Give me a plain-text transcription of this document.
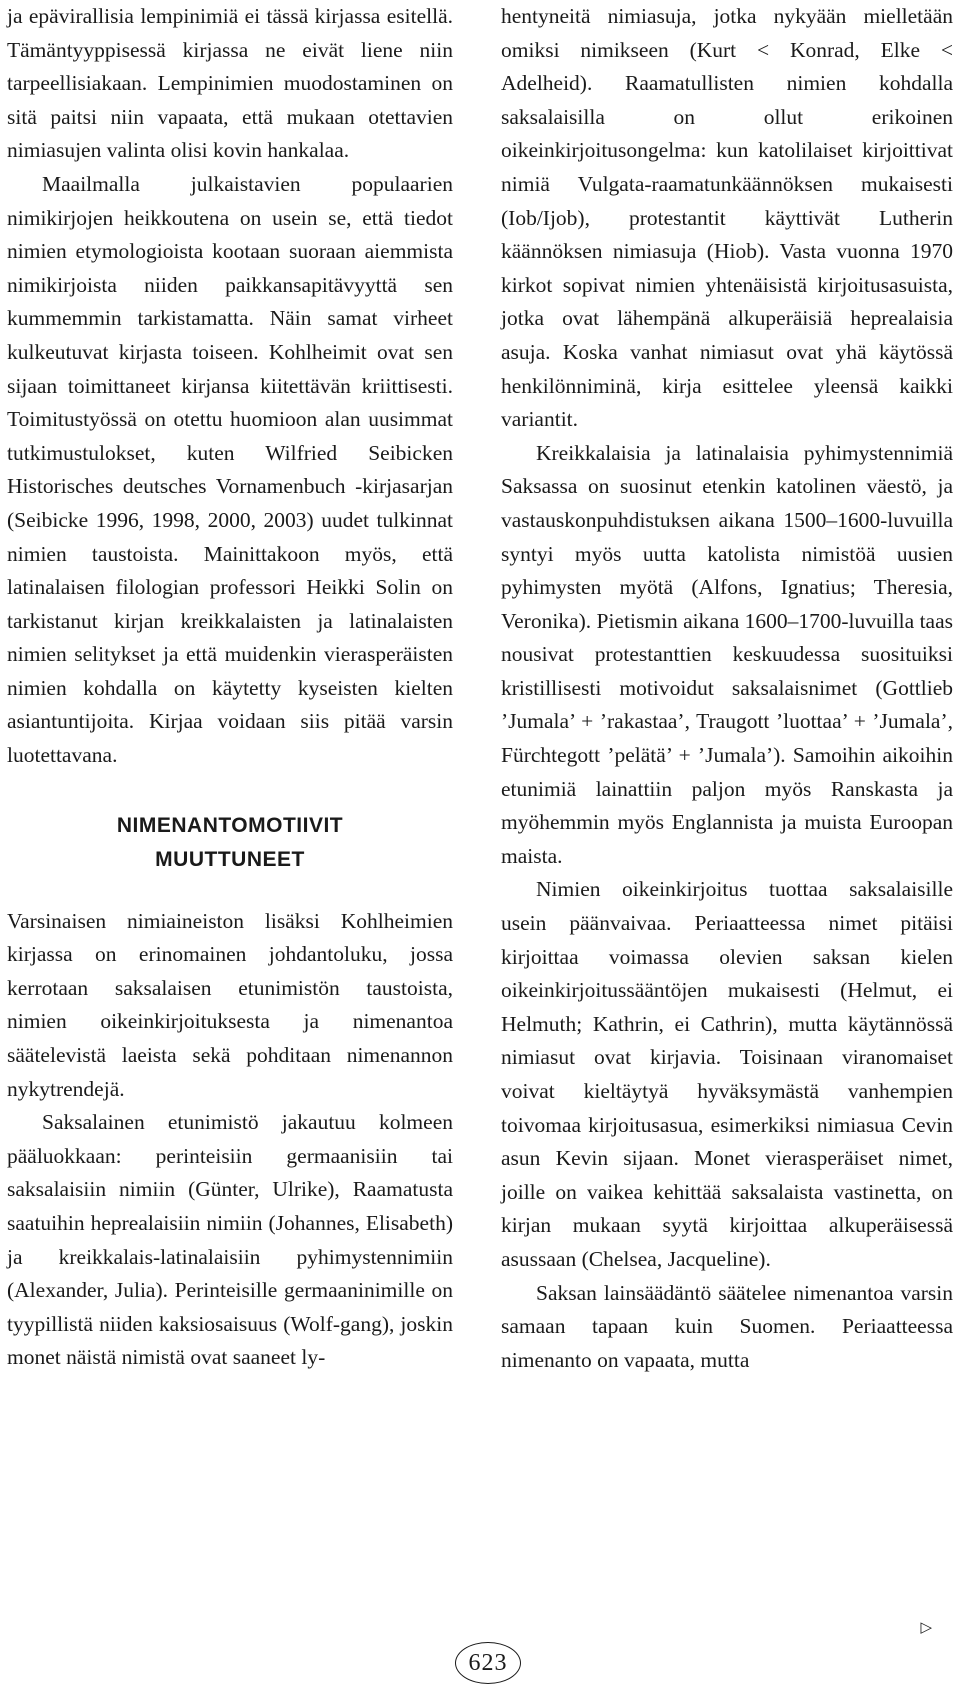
ja epävirallisia lempinimiä ei tässä kirjassa esitellä. Tämäntyyppisessä kirjassa ne eivät liene niin tarpeellisiakaan. Lempinimien muodostaminen on sitä paitsi niin vapaata, että mukaan otettavien nimiasujen valinta olisi kovin hankalaa.

Maailmalla julkaistavien populaarien nimikirjojen heikkoutena on usein se, että tiedot nimien etymologioista kootaan suoraan aiemmista nimikirjoista niiden paikkansapitävyyttä sen kummemmin tarkistamatta. Näin samat virheet kulkeutuvat kirjasta toiseen. Kohlheimit ovat sen sijaan toimittaneet kirjansa kiitettävän kriittisesti. Toimitustyössä on otettu huomioon alan uusimmat tutkimustulokset, kuten Wilfried Seibicken Historisches deutsches Vornamenbuch -kirjasarjan (Seibicke 1996, 1998, 2000, 2003) uudet tulkinnat nimien taustoista. Mainittakoon myös, että latinalaisen filologian professori Heikki Solin on tarkistanut kirjan kreikkalaisten ja latinalaisten nimien selitykset ja että muidenkin vierasperäisten nimien kohdalla on käytetty kyseisten kielten asiantuntijoita. Kirjaa voidaan siis pitää varsin luotettavana.

NIMENANTOMOTIIVIT
MUUTTUNEET

Varsinaisen nimiaineiston lisäksi Kohlheimien kirjassa on erinomainen johdantoluku, jossa kerrotaan saksalaisen etunimistön taustoista, nimien oikeinkirjoituksesta ja nimenantoa säätelevistä laeista sekä pohditaan nimenannon nykytrendejä.

Saksalainen etunimistö jakautuu kolmeen pääluokkaan: perinteisiin germaanisiin tai saksalaisiin nimiin (Günter, Ulrike), Raamatusta saatuihin heprealaisiin nimiin (Johannes, Elisabeth) ja kreikkalais-latinalaisiin pyhimystennimiin (Alexander, Julia). Perinteisille germaaninimille on tyypillistä niiden kaksiosaisuus (Wolf-gang), joskin monet näistä nimistä ovat saaneet ly-

hentyneitä nimiasuja, jotka nykyään mielletään omiksi nimikseen (Kurt < Konrad, Elke < Adelheid). Raamatullisten nimien kohdalla saksalaisilla on ollut erikoinen oikeinkirjoitusongelma: kun katolilaiset kirjoittivat nimiä Vulgata-raamatunkäännöksen mukaisesti (Iob/Ijob), protestantit käyttivät Lutherin käännöksen nimiasuja (Hiob). Vasta vuonna 1970 kirkot sopivat nimien yhtenäisistä kirjoitusasuista, jotka ovat lähempänä alkuperäisiä heprealaisia asuja. Koska vanhat nimiasut ovat yhä käytössä henkilönniminä, kirja esittelee yleensä kaikki variantit.

Kreikkalaisia ja latinalaisia pyhimystennimiä Saksassa on suosinut etenkin katolinen väestö, ja vastauskonpuhdistuksen aikana 1500–1600-luvuilla syntyi myös uutta katolista nimistöä uusien pyhimysten myötä (Alfons, Ignatius; Theresia, Veronika). Pietismin aikana 1600–1700-luvuilla taas nousivat protestanttien keskuudessa suosituiksi kristillisesti motivoidut saksalaisnimet (Gottlieb ’Jumala’ + ’rakastaa’, Traugott ’luottaa’ + ’Jumala’, Fürchtegott ’pelätä’ + ’Jumala’). Samoihin aikoihin etunimiä lainattiin paljon myös Ranskasta ja myöhemmin myös Englannista ja muista Euroopan maista.

Nimien oikeinkirjoitus tuottaa saksalaisille usein päänvaivaa. Periaatteessa nimet pitäisi kirjoittaa voimassa olevien saksan kielen oikeinkirjoitussääntöjen mukaisesti (Helmut, ei Helmuth; Kathrin, ei Cathrin), mutta käytännössä nimiasut ovat kirjavia. Toisinaan viranomaiset voivat kieltäytyä hyväksymästä vanhempien toivomaa kirjoitusasua, esimerkiksi nimiasua Cevin asun Kevin sijaan. Monet vierasperäiset nimet, joille on vaikea kehittää saksalaista vastinetta, on kirjan mukaan syytä kirjoittaa alkuperäisessä asussaan (Chelsea, Jacqueline).

Saksan lainsäädäntö säätelee nimenantoa varsin samaan tapaan kuin Suomen. Periaatteessa nimenanto on vapaata, mutta

▷
623
